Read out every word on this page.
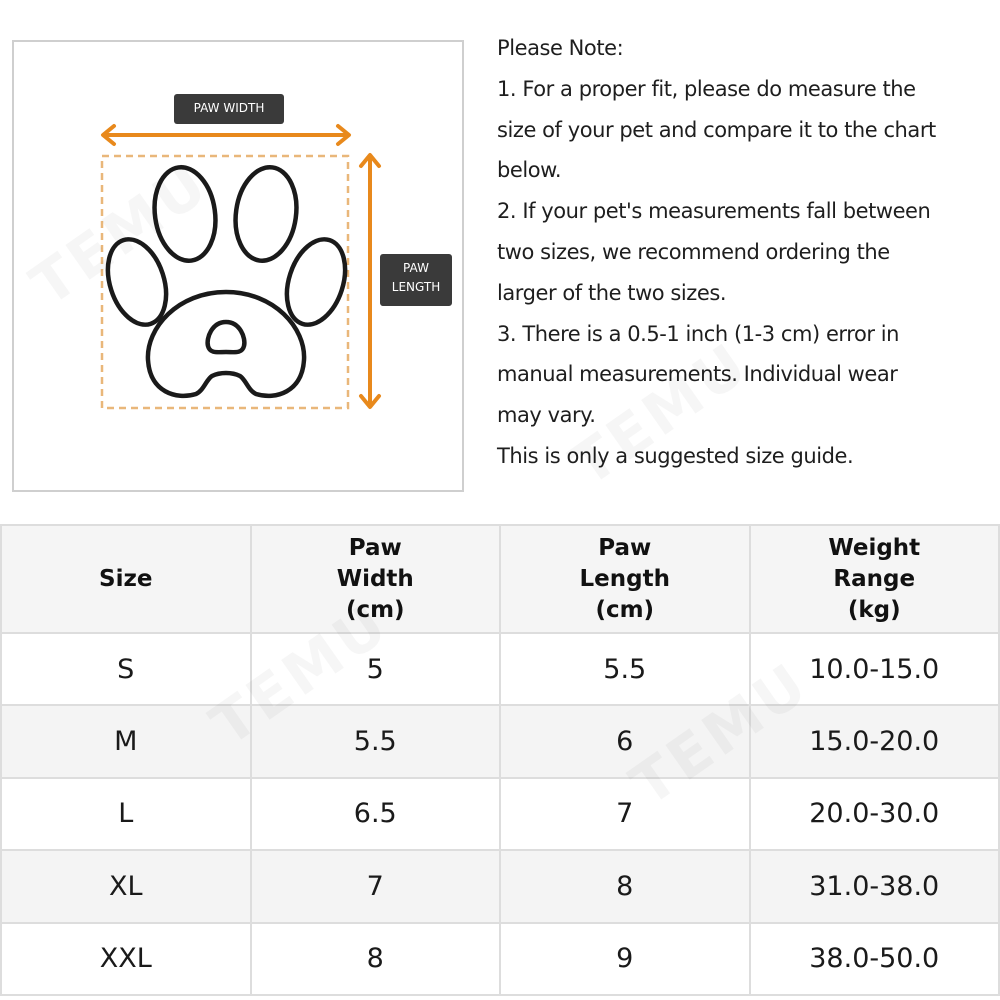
PAW WIDTH
PAW
LENGTH

Please Note:

1. For a proper fit, please do measure the

size of your pet and compare it to the chart

below.

2. If your pet's measurements fall between

two sizes, we recommend ordering the

larger of the two sizes.

3. There is a 0.5-1 inch (1-3 cm) error in

manual measurements. Individual wear

may vary.

This is only a suggested size guide.

Size	Paw
Width
(cm)	Paw
Length
(cm)	Weight
Range
(kg)

S	5	5.5	10.0-15.0
M	5.5	6	15.0-20.0
L	6.5	7	20.0-30.0
XL	7	8	31.0-38.0
XXL	8	9	38.0-50.0
